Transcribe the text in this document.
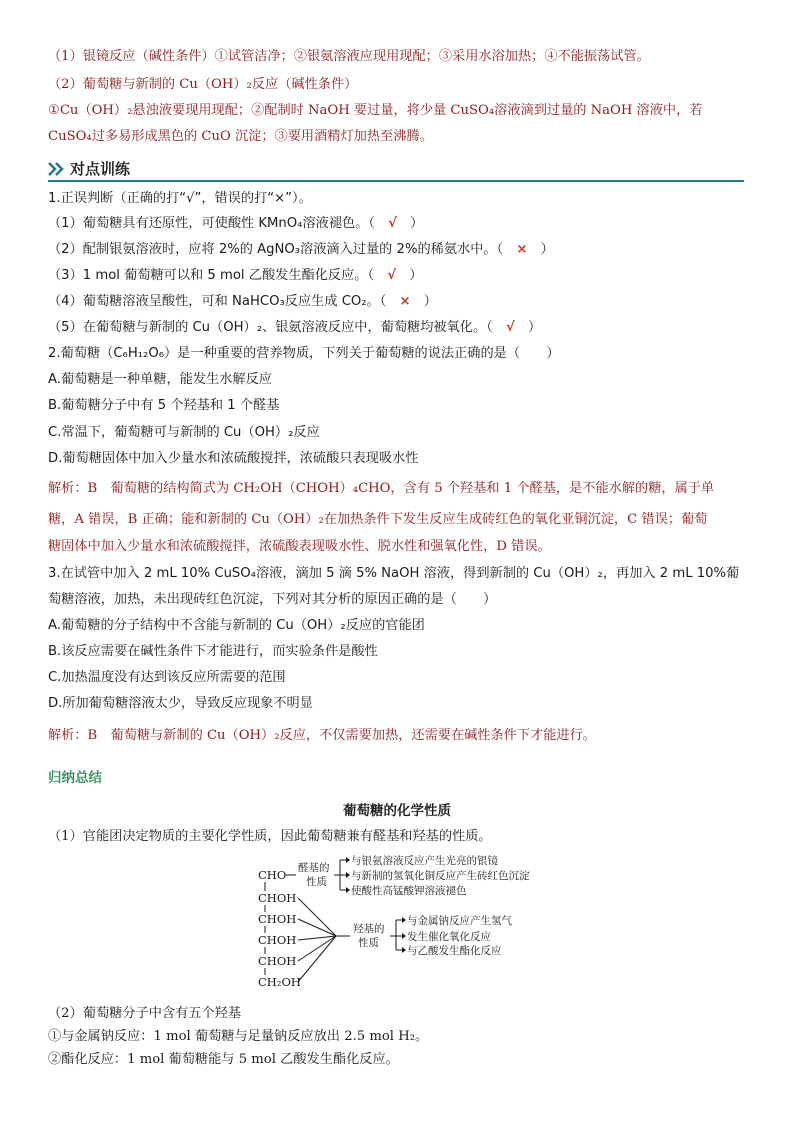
（1）银镜反应（碱性条件）①试管洁净；②银氨溶液应现用现配；③采用水浴加热；④不能振荡试管。
（2）葡萄糖与新制的 Cu（OH）₂反应（碱性条件）
①Cu（OH）₂悬浊液要现用现配；②配制时 NaOH 要过量，将少量 CuSO₄溶液滴到过量的 NaOH 溶液中，若
CuSO₄过多易形成黑色的 CuO 沉淀；③要用酒精灯加热至沸腾。
对点训练
1.正误判断（正确的打“√”，错误的打“×”）。
（1）葡萄糖具有还原性，可使酸性 KMnO₄溶液褪色。（　 √　 ）
（2）配制银氨溶液时，应将 2%的 AgNO₃溶液滴入过量的 2%的稀氨水中。（　 ×　 ）
（3）1 mol 葡萄糖可以和 5 mol 乙酸发生酯化反应。（　 √　 ）
（4）葡萄糖溶液呈酸性，可和 NaHCO₃反应生成 CO₂。（　 ×　 ）
（5）在葡萄糖与新制的 Cu（OH）₂、银氨溶液反应中，葡萄糖均被氧化。（　 √　 ）
2.葡萄糖（C₆H₁₂O₆）是一种重要的营养物质，下列关于葡萄糖的说法正确的是（　　）
A.葡萄糖是一种单糖，能发生水解反应
B.葡萄糖分子中有 5 个羟基和 1 个醛基
C.常温下，葡萄糖可与新制的 Cu（OH）₂反应
D.葡萄糖固体中加入少量水和浓硫酸搅拌，浓硫酸只表现吸水性
解析：B　葡萄糖的结构简式为 CH₂OH（CHOH）₄CHO，含有 5 个羟基和 1 个醛基，是不能水解的糖，属于单
糖，A 错误，B 正确；能和新制的 Cu（OH）₂在加热条件下发生反应生成砖红色的氧化亚铜沉淀，C 错误；葡萄
糖固体中加入少量水和浓硫酸搅拌，浓硫酸表现吸水性、脱水性和强氧化性，D 错误。
3.在试管中加入 2 mL 10% CuSO₄溶液，滴加 5 滴 5% NaOH 溶液，得到新制的 Cu（OH）₂，再加入 2 mL 10%葡
萄糖溶液，加热，未出现砖红色沉淀，下列对其分析的原因正确的是（　　）
A.葡萄糖的分子结构中不含能与新制的 Cu（OH）₂反应的官能团
B.该反应需要在碱性条件下才能进行，而实验条件是酸性
C.加热温度没有达到该反应所需要的范围
D.所加葡萄糖溶液太少，导致反应现象不明显
解析：B　葡萄糖与新制的 Cu（OH）₂反应，不仅需要加热，还需要在碱性条件下才能进行。
归纳总结
葡萄糖的化学性质
（1）官能团决定物质的主要化学性质，因此葡萄糖兼有醛基和羟基的性质。
CHO
CHOH
CHOH
CHOH
CHOH
CH₂OH
醛基的
性质
与银氨溶液反应产生光亮的银镜
与新制的氢氧化铜反应产生砖红色沉淀
使酸性高锰酸钾溶液褪色
羟基的
性质
与金属钠反应产生氢气
发生催化氧化反应
与乙酸发生酯化反应
（2）葡萄糖分子中含有五个羟基
①与金属钠反应：1 mol 葡萄糖与足量钠反应放出 2.5 mol H₂。
②酯化反应：1 mol 葡萄糖能与 5 mol 乙酸发生酯化反应。
